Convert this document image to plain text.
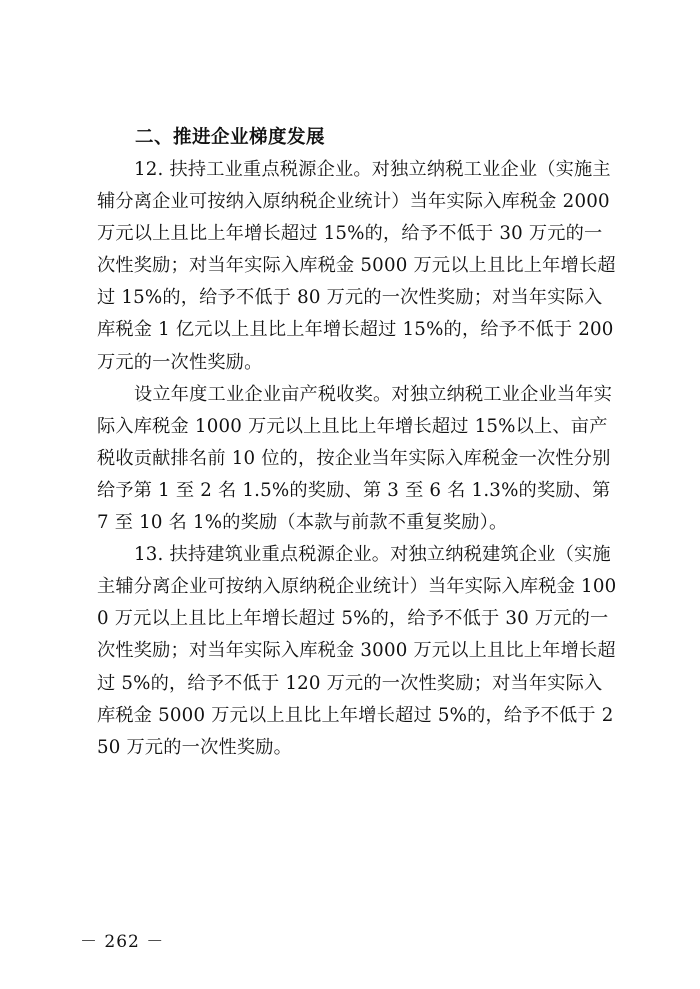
二、推进企业梯度发展

12. 扶持工业重点税源企业。对独立纳税工业企业（实施主辅分离企业可按纳入原纳税企业统计）当年实际入库税金 2000 万元以上且比上年增长超过 15%的，给予不低于 30 万元的一次性奖励；对当年实际入库税金 5000 万元以上且比上年增长超过 15%的，给予不低于 80 万元的一次性奖励；对当年实际入库税金 1 亿元以上且比上年增长超过 15%的，给予不低于 200 万元的一次性奖励。

设立年度工业企业亩产税收奖。对独立纳税工业企业当年实际入库税金 1000 万元以上且比上年增长超过 15%以上、亩产税收贡献排名前 10 位的，按企业当年实际入库税金一次性分别给予第 1 至 2 名 1.5%的奖励、第 3 至 6 名 1.3%的奖励、第 7 至 10 名 1%的奖励（本款与前款不重复奖励）。

13. 扶持建筑业重点税源企业。对独立纳税建筑企业（实施主辅分离企业可按纳入原纳税企业统计）当年实际入库税金 1000 万元以上且比上年增长超过 5%的，给予不低于 30 万元的一次性奖励；对当年实际入库税金 3000 万元以上且比上年增长超过 5%的，给予不低于 120 万元的一次性奖励；对当年实际入库税金 5000 万元以上且比上年增长超过 5%的，给予不低于 250 万元的一次性奖励。

－ 262 －
